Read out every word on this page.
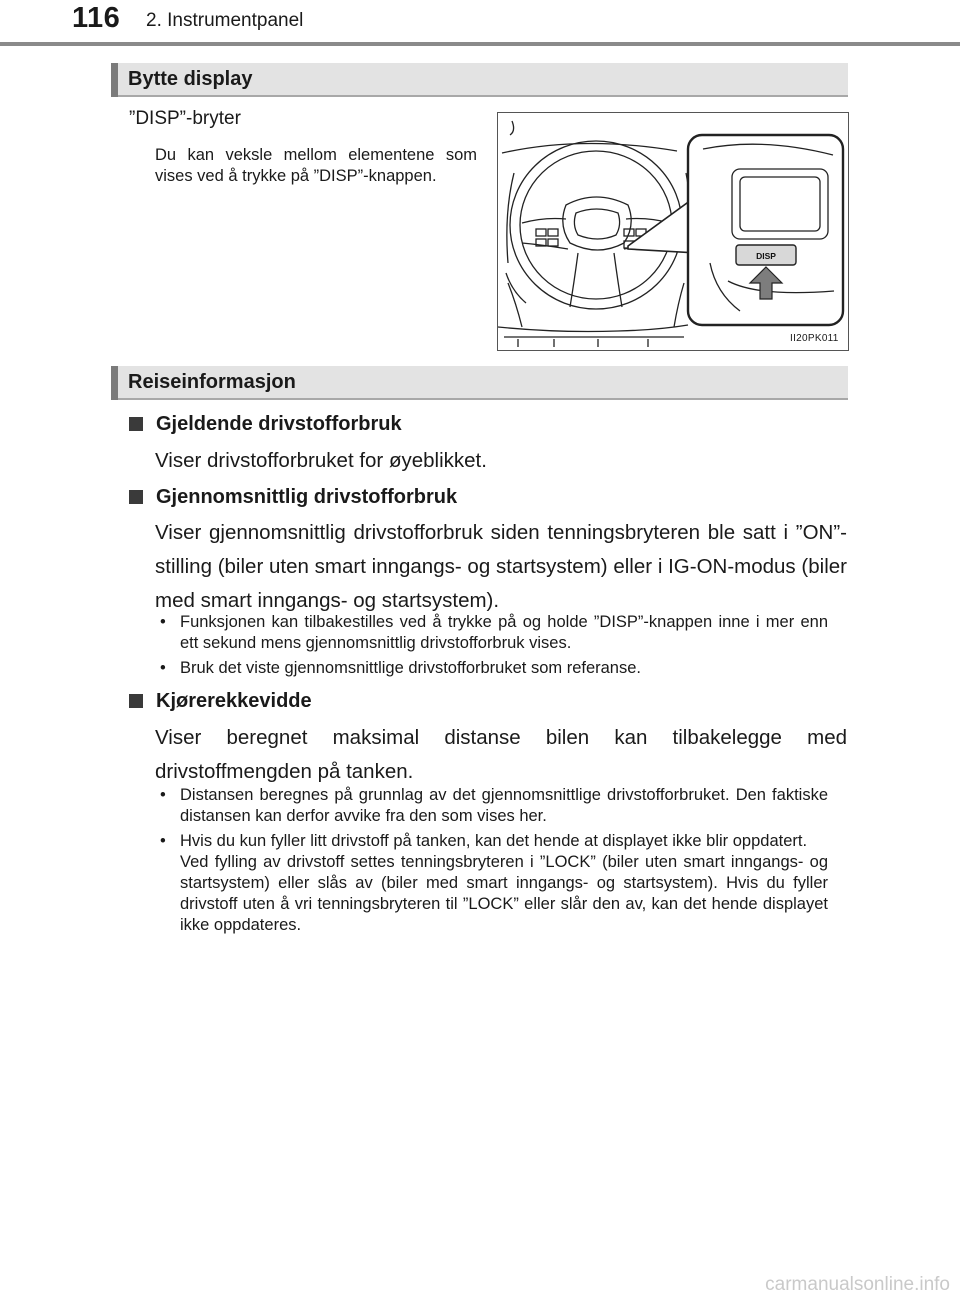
116 2. Instrumentpanel
Bytte display
”DISP”-bryter
Du kan veksle mellom elementene som vises ved å trykke på ”DISP”-knappen.
DISP
II20PK011
Reiseinformasjon
Gjeldende drivstofforbruk
Viser drivstofforbruket for øyeblikket.
Gjennomsnittlig drivstofforbruk
Viser gjennomsnittlig drivstofforbruk siden tenningsbryteren ble satt i ”ON”-stilling (biler uten smart inngangs- og startsystem) eller i IG-ON-modus (biler med smart inngangs- og startsystem).
• Funksjonen kan tilbakestilles ved å trykke på og holde ”DISP”-knappen inne i mer enn ett sekund mens gjennomsnittlig drivstofforbruk vises.
• Bruk det viste gjennomsnittlige drivstofforbruket som referanse.
Kjørerekkevidde
Viser beregnet maksimal distanse bilen kan tilbakelegge med drivstoffmengden på tanken.
• Distansen beregnes på grunnlag av det gjennomsnittlige drivstofforbruket. Den faktiske distansen kan derfor avvike fra den som vises her.
• Hvis du kun fyller litt drivstoff på tanken, kan det hende at displayet ikke blir oppdatert.
Ved fylling av drivstoff settes tenningsbryteren i ”LOCK” (biler uten smart inngangs- og startsystem) eller slås av (biler med smart inngangs- og startsystem). Hvis du fyller drivstoff uten å vri tenningsbryteren til ”LOCK” eller slår den av, kan det hende displayet ikke oppdateres.
carmanualsonline.info
